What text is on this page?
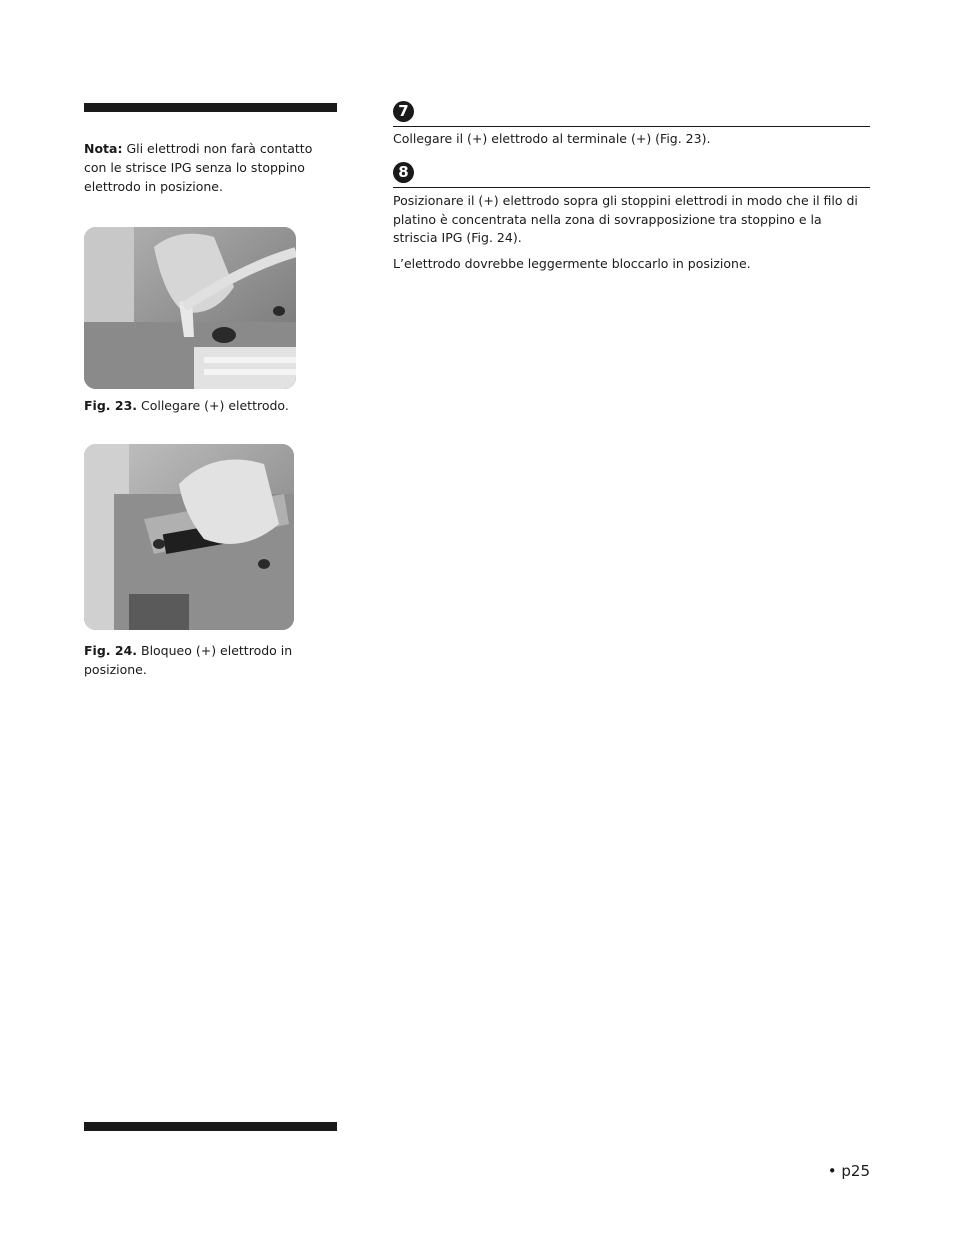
Nota: Gli elettrodi non farà contatto con le strisce IPG senza lo stoppino elettrodo in posizione.
Fig. 23. Collegare (+) elettrodo.
Fig. 24. Bloqueo (+) elettrodo in posizione.
7
Collegare il (+) elettrodo al terminale (+) (Fig. 23).
8
Posizionare il (+) elettrodo sopra gli stoppini elettrodi in modo che il filo di platino è concentrata nella zona di sovrapposizione tra stoppino e la striscia IPG (Fig. 24).
L’elettrodo dovrebbe leggermente bloccarlo in posizione.
• p25
